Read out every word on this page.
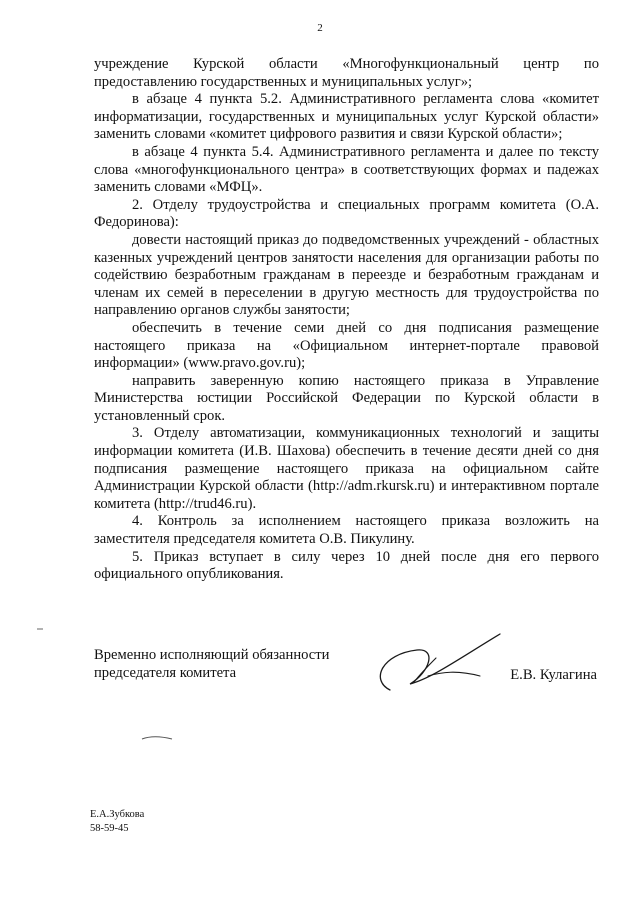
2

учреждение Курской области «Многофункциональный центр по предоставлению государственных и муниципальных услуг»;

в абзаце 4 пункта 5.2. Административного регламента слова «комитет информатизации, государственных и муниципальных услуг Курской области» заменить словами «комитет цифрового развития и связи Курской области»;

в абзаце 4 пункта 5.4. Административного регламента и далее по тексту слова «многофункционального центра» в соответствующих формах и падежах заменить словами «МФЦ».

2. Отделу трудоустройства и специальных программ комитета (О.А. Федоринова):

довести настоящий приказ до подведомственных учреждений - областных казенных учреждений центров занятости населения для организации работы по содействию безработным гражданам в переезде и безработным гражданам и членам их семей в переселении в другую местность для трудоустройства по направлению органов службы занятости;

обеспечить в течение семи дней со дня подписания размещение настоящего приказа на «Официальном интернет-портале правовой информации» (www.pravo.gov.ru);

направить заверенную копию настоящего приказа в Управление Министерства юстиции Российской Федерации по Курской области в установленный срок.

3. Отделу автоматизации, коммуникационных технологий и защиты информации комитета (И.В. Шахова) обеспечить в течение десяти дней со дня подписания размещение настоящего приказа на официальном сайте Администрации Курской области (http://adm.rkursk.ru) и интерактивном портале комитета (http://trud46.ru).

4. Контроль за исполнением настоящего приказа возложить на заместителя председателя комитета О.В. Пикулину.

5. Приказ вступает в силу через 10 дней после дня его первого официального опубликования.

Временно исполняющий обязанности
председателя комитета	Е.В. Кулагина
Е.А.Зубкова
58-59-45
